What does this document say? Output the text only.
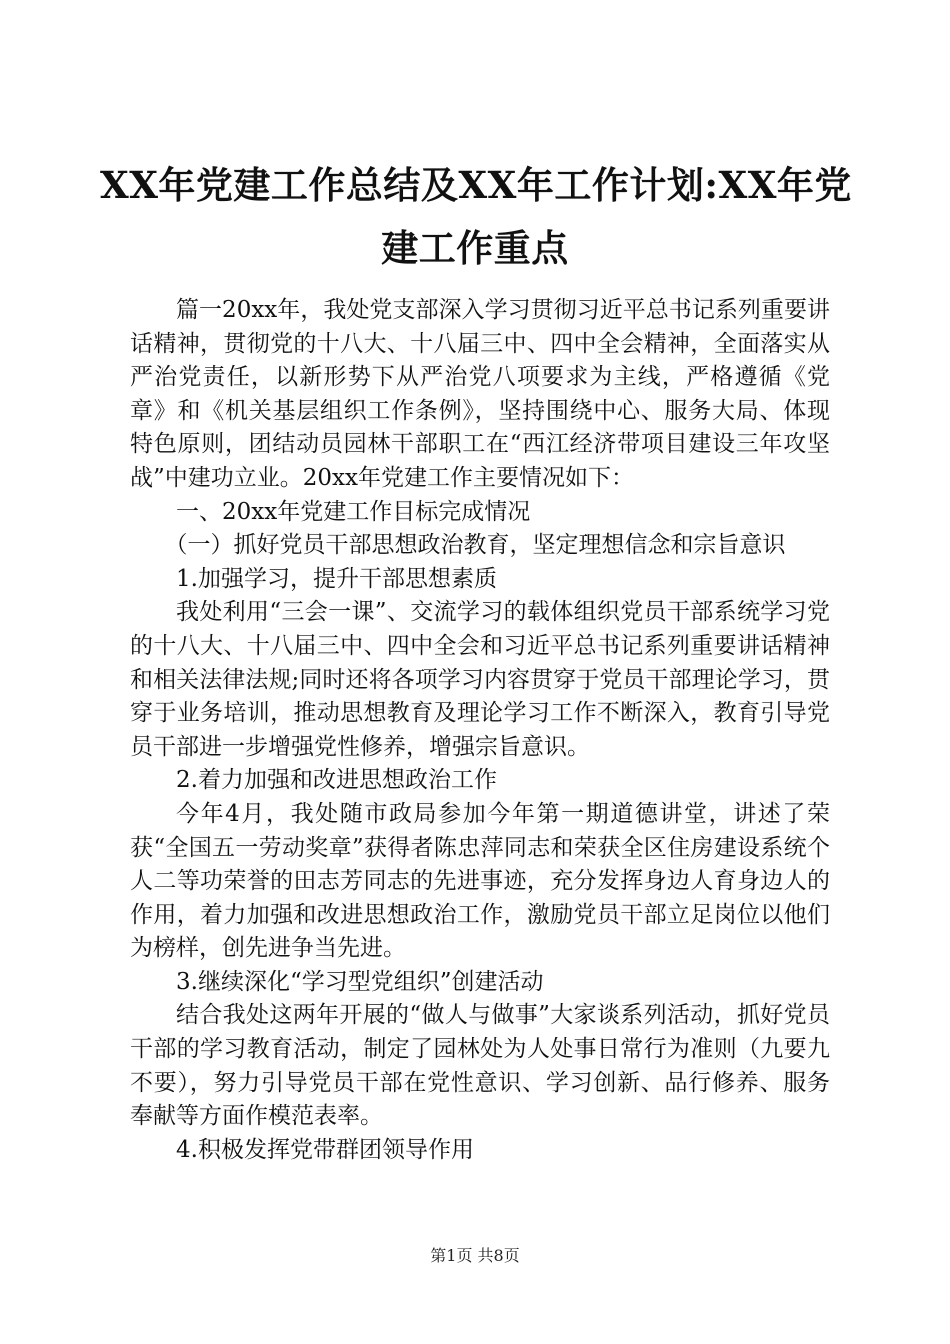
XX年党建工作总结及XX年工作计划:XX年党
建工作重点

篇一20xx年，我处党支部深入学习贯彻习近平总书记系列重要讲话精神，贯彻党的十八大、十八届三中、四中全会精神，全面落实从严治党责任，以新形势下从严治党八项要求为主线，严格遵循《党章》和《机关基层组织工作条例》，坚持围绕中心、服务大局、体现特色原则，团结动员园林干部职工在“西江经济带项目建设三年攻坚战”中建功立业。20xx年党建工作主要情况如下：

一、20xx年党建工作目标完成情况

（一）抓好党员干部思想政治教育，坚定理想信念和宗旨意识

1.加强学习，提升干部思想素质

我处利用“三会一课”、交流学习的载体组织党员干部系统学习党的十八大、十八届三中、四中全会和习近平总书记系列重要讲话精神和相关法律法规;同时还将各项学习内容贯穿于党员干部理论学习，贯穿于业务培训，推动思想教育及理论学习工作不断深入，教育引导党员干部进一步增强党性修养，增强宗旨意识。

2.着力加强和改进思想政治工作

今年4月，我处随市政局参加今年第一期道德讲堂，讲述了荣获“全国五一劳动奖章”获得者陈忠萍同志和荣获全区住房建设系统个人二等功荣誉的田志芳同志的先进事迹，充分发挥身边人育身边人的作用，着力加强和改进思想政治工作，激励党员干部立足岗位以他们为榜样，创先进争当先进。

3.继续深化“学习型党组织”创建活动

结合我处这两年开展的“做人与做事”大家谈系列活动，抓好党员干部的学习教育活动，制定了园林处为人处事日常行为准则（九要九不要），努力引导党员干部在党性意识、学习创新、品行修养、服务奉献等方面作模范表率。

4.积极发挥党带群团领导作用

第1页 共8页
